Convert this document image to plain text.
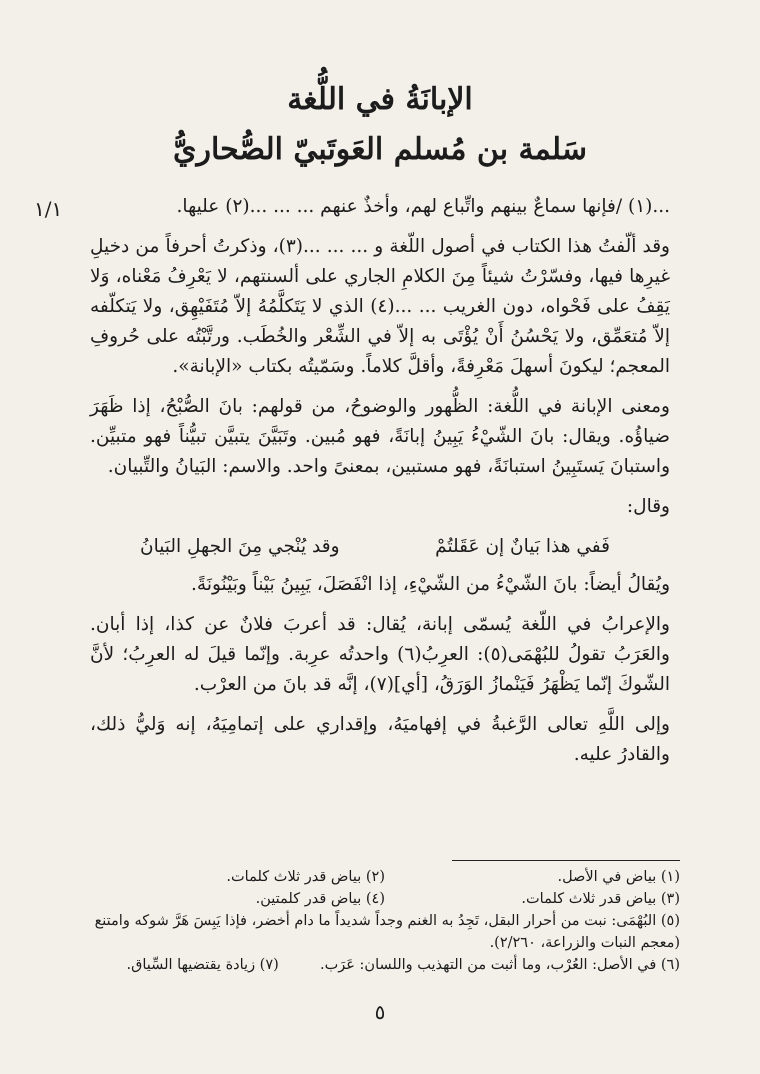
الإبانَةُ في اللُّغة
سَلمة بن مُسلم العَوتَبيّ الصُّحاريُّ
١/١	...(١) /فإنها سماعٌ بينهم واتِّباع لهم، وأخذٌ عنهم ... ... ...(٢) عليها.

وقد ألّفتُ هذا الكتاب في أصول اللّغة و ... ... ...(٣)، وذكرتُ أحرفاً من دخيلِ غيرِها فيها، وفسّرْتُ شيئاً مِنَ الكلامِ الجاري على ألسنتهم، لا يَعْرِفُ مَعْناه، وَلا يَقِفُ على فَحْواه، دون الغريب ... ...(٤) الذي لا يَتَكلَّمُهُ إلاّ مُتَفَيْهِق، ولا يَتكلّفه إلاّ مُتعَمِّق، ولا يَحْسُنُ أَنْ يُؤْتَى به إلاّ في الشِّعْر والخُطَب. ورتَّبْتُه على حُروفِ المعجم؛ ليكونَ أسهلَ مَعْرِفةً، وأقلَّ كلاماً. وسَمّيتُه بكتاب «الإبانة».

ومعنى الإبانة في اللُّغة: الظُّهور والوضوحُ، من قولهم: بانَ الصُّبْحُ، إذا ظَهَرَ ضياؤُه. ويقال: بانَ الشّيْءُ يَبِينُ إبانَةً، فهو مُبين. وتَبَيَّنَ يتبيَّن تبيُّناً فهو متبيِّن. واستبانَ يَستَبِينُ استبانَةً، فهو مستبين، بمعنىً واحد. والاسم: البَيانُ والتِّبيان.

وقال:

فَفي هذا بَيانٌ إن عَقَلتُمْ
وقد يُنْجي مِنَ الجهلِ البَيانُ

ويُقالُ أيضاً: بانَ الشّيْءُ من الشّيْءِ، إذا انْفَصَلَ، يَبِينُ بَيْناً وبَيْنُونَةً.

والإعرابُ في اللّغة يُسمّى إبانة، يُقال: قد أعربَ فلانٌ عن كذا، إذا أبان. والعَرَبُ تقولُ للبُهْمَى(٥): العرِبُ(٦) واحدتُه عرِبة. وإنّما قيلَ له العرِبُ؛ لأنَّ الشّوكَ إنّما يَظْهَرُ فَيَنْمازُ الوَرَقُ، [أي](٧)، إنَّه قد بانَ من العرْب.

وإلى اللَّهِ تعالى الرَّغبةُ في إفهاميَهُ، وإقداري على إتمامِيَهُ، إنه وَليُّ ذلك، والقادرُ عليه.

(١) بياض في الأصل.
(٢) بياض قدر ثلاث كلمات.
(٣) بياض قدر ثلاث كلمات.
(٤) بياض قدر كلمتين.
(٥) البُهْمَى: نبت من أحرار البقل، تَجِدُ به الغنم وجداً شديداً ما دام أخضر، فإذا يَبِسَ هَرَّ شوكه وامتنع (معجم النبات والزراعة، ٢/٢٦٠).
(٦) في الأصل: العُرْب، وما أثبت من التهذيب واللسان: عَرَب.
(٧) زيادة يقتضيها السِّياق.
٥
